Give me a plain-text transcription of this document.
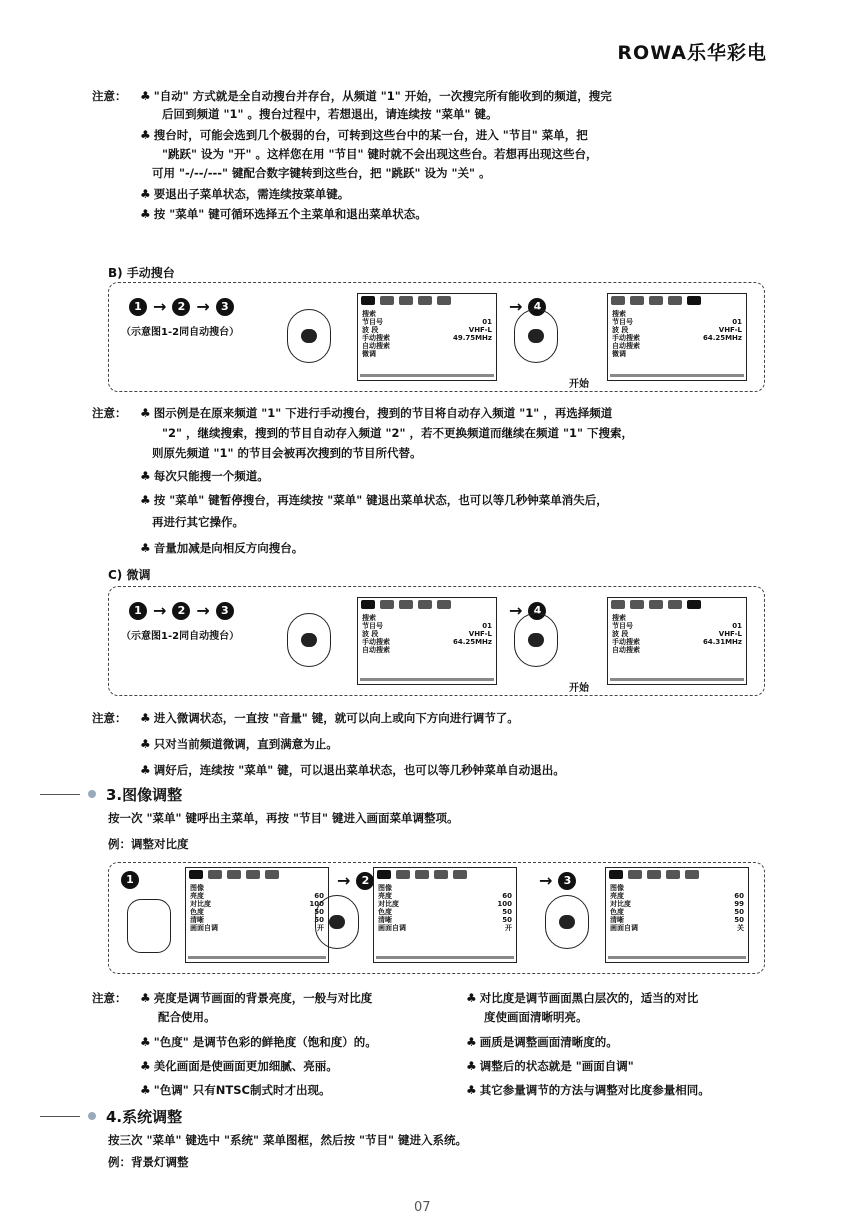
ROWA乐华彩电
注意： ♣ "自动" 方式就是全自动搜台并存台，从频道 "1" 开始，一次搜完所有能收到的频道，搜完
后回到频道 "1" 。搜台过程中，若想退出，请连续按 "菜单" 键。
♣ 搜台时，可能会选到几个极弱的台，可转到这些台中的某一台，进入 "节目" 菜单，把
"跳跃" 设为 "开" 。这样您在用 "节目" 键时就不会出现这些台。若想再出现这些台，
可用 "-/--/---" 键配合数字键转到这些台，把 "跳跃" 设为 "关" 。
♣ 要退出子菜单状态，需连续按菜单键。
♣ 按 "菜单" 键可循环选择五个主菜单和退出菜单状态。
B) 手动搜台
1 →	2 →	3
（示意图1-2同自动搜台）
搜索
节目号	01
波 段	VHF-L
手动搜索	49.75MHz
自动搜索
微调
→	4
开始
搜索
节目号	01
波 段	VHF-L
手动搜索	64.25MHz
自动搜索
微调
注意： ♣ 图示例是在原来频道 "1" 下进行手动搜台，搜到的节目将自动存入频道 "1" ，再选择频道
"2" ，继续搜索，搜到的节目自动存入频道 "2" ，若不更换频道而继续在频道 "1" 下搜索，
则原先频道 "1" 的节目会被再次搜到的节目所代替。
♣ 每次只能搜一个频道。
♣ 按 "菜单" 键暂停搜台，再连续按 "菜单" 键退出菜单状态，也可以等几秒钟菜单消失后，
再进行其它操作。
♣ 音量加减是向相反方向搜台。
C) 微调
1 →	2 →	3
（示意图1-2同自动搜台）
搜索
节目号	01
波 段	VHF-L
手动搜索	64.25MHz
自动搜索
→	4
开始
搜索
节目号	01
波 段	VHF-L
手动搜索	64.31MHz
自动搜索
注意： ♣ 进入微调状态，一直按 "音量" 键，就可以向上或向下方向进行调节了。
♣ 只对当前频道微调，直到满意为止。
♣ 调好后，连续按 "菜单" 键，可以退出菜单状态，也可以等几秒钟菜单自动退出。
3.图像调整
按一次 "菜单" 键呼出主菜单，再按 "节目" 键进入画面菜单调整项。
例：调整对比度
1
图像
亮度	60
对比度	100
色度	50
清晰	50
画面自调	开
→	2
图像
亮度	60
对比度	100
色度	50
清晰	50
画面自调	开
→	3
图像
亮度	60
对比度	99
色度	50
清晰	50
画面自调	关
注意： ♣ 亮度是调节画面的背景亮度，一般与对比度
配合使用。
♣ "色度" 是调节色彩的鲜艳度（饱和度）的。
♣ 美化画面是使画面更加细腻、亮丽。
♣ "色调" 只有NTSC制式时才出现。
♣ 对比度是调节画面黑白层次的，适当的对比
度使画面清晰明亮。
♣ 画质是调整画面清晰度的。
♣ 调整后的状态就是 "画面自调"
♣ 其它参量调节的方法与调整对比度参量相同。
4.系统调整
按三次 "菜单" 键选中 "系统" 菜单图框，然后按 "节目" 键进入系统。
例：背景灯调整
07
